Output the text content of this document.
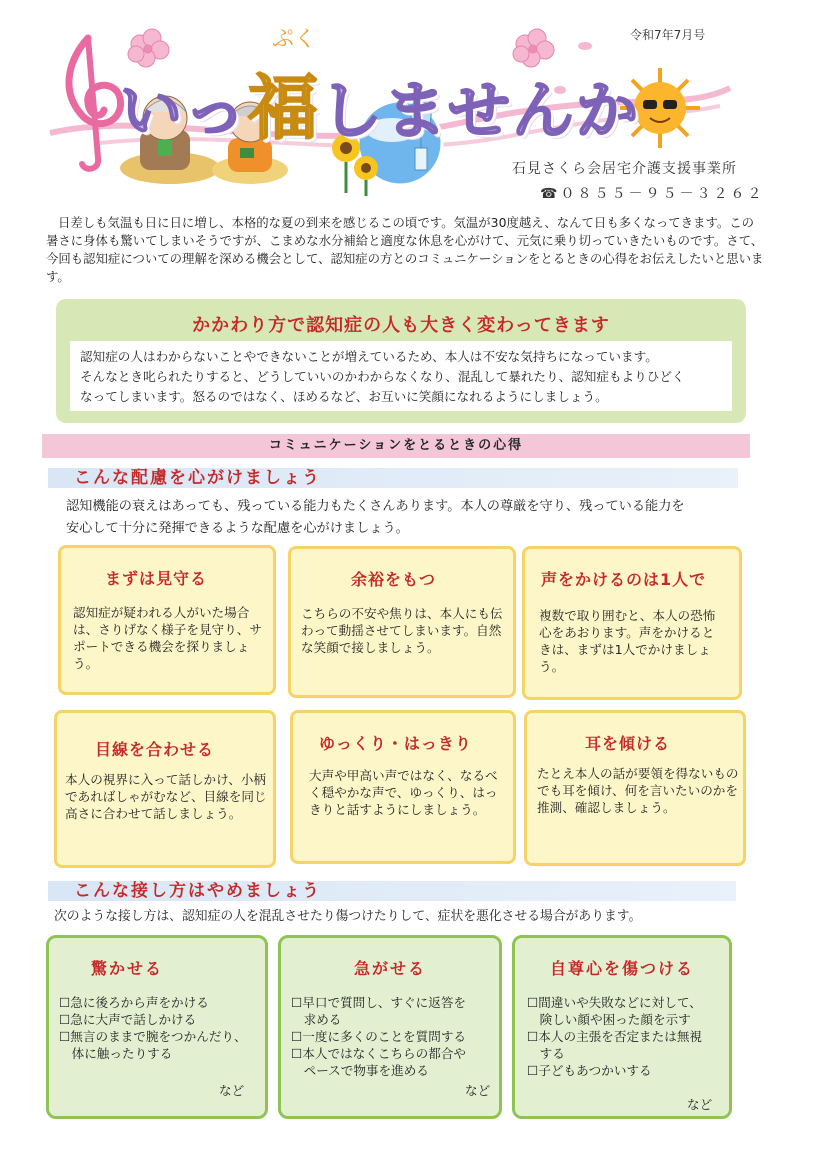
令和7年7月号
ぷく
いっ福しませんか
石見さくら会居宅介護支援事業所
☎０８５５－９５－３２６２

日差しも気温も日に日に増し、本格的な夏の到来を感じるこの頃です。気温が30度越え、なんて日も多くなってきます。この暑さに身体も驚いてしまいそうですが、こまめな水分補給と適度な休息を心がけて、元気に乗り切っていきたいものです。さて、今回も認知症についての理解を深める機会として、認知症の方とのコミュニケーションをとるときの心得をお伝えしたいと思います。

かかわり方で認知症の人も大きく変わってきます
認知症の人はわからないことやできないことが増えているため、本人は不安な気持ちになっています。
そんなとき叱られたりすると、どうしていいのかわからなくなり、混乱して暴れたり、認知症もよりひどく
なってしまいます。怒るのではなく、ほめるなど、お互いに笑顔になれるようにしましょう。
コミュニケーションをとるときの心得
こんな配慮を心がけましょう
認知機能の衰えはあっても、残っている能力もたくさんあります。本人の尊厳を守り、残っている能力を
安心して十分に発揮できるような配慮を心がけましょう。
まずは見守る

認知症が疑われる人がいた場合は、さりげなく様子を見守り、サポートできる機会を探りましょう。

余裕をもつ

こちらの不安や焦りは、本人にも伝わって動揺させてしまいます。自然な笑顔で接しましょう。

声をかけるのは1人で

複数で取り囲むと、本人の恐怖心をあおります。声をかけるときは、まずは1人でかけましょう。

目線を合わせる

本人の視界に入って話しかけ、小柄であればしゃがむなど、目線を同じ高さに合わせて話しましょう。

ゆっくり・はっきり

大声や甲高い声ではなく、なるべく穏やかな声で、ゆっくり、はっきりと話すようにしましょう。

耳を傾ける

たとえ本人の話が要領を得ないものでも耳を傾け、何を言いたいのかを推測、確認しましょう。

こんな接し方はやめましょう

次のような接し方は、認知症の人を混乱させたり傷つけたりして、症状を悪化させる場合があります。

驚かせる
☐急に後ろから声をかける
☐急に大声で話しかける
☐無言のままで腕をつかんだり、
　体に触ったりする
など
急がせる
☐早口で質問し、すぐに返答を
　求める
☐一度に多くのことを質問する
☐本人ではなくこちらの都合や
　ペースで物事を進める
など
自尊心を傷つける
☐間違いや失敗などに対して、
　険しい顔や困った顔を示す
☐本人の主張を否定または無視
　する
☐子どもあつかいする
など
